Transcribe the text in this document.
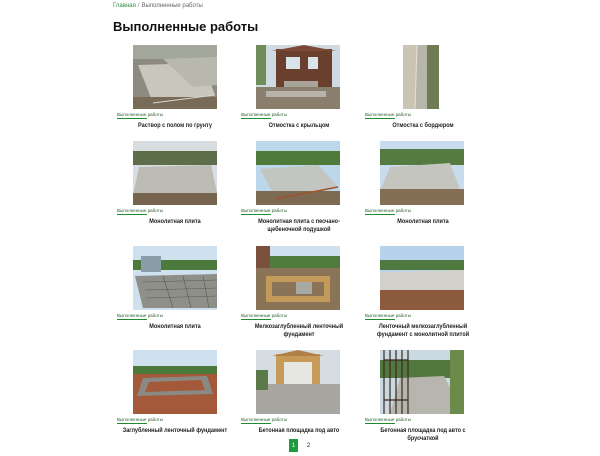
Главная / Выполненные работы
Выполненные работы
Выполненные работы
Раствор с полом по грунту
Выполненные работы
Отмостка с крыльцом
Выполненные работы
Отмостка с бордюром
Выполненные работы
Монолитная плита
Выполненные работы
Монолитная плита с песчано-щебеночной подушкой
Выполненные работы
Монолитная плита
Выполненные работы
Монолитная плита
Выполненные работы
Мелкозаглубленный ленточный фундамент
Выполненные работы
Ленточный мелкозаглубленный фундамент с монолитной плитой
Выполненные работы
Заглубленный ленточный фундамент
Выполненные работы
Бетонная площадка под авто
Выполненные работы
Бетонная площадка под авто с брусчаткой
1	2
